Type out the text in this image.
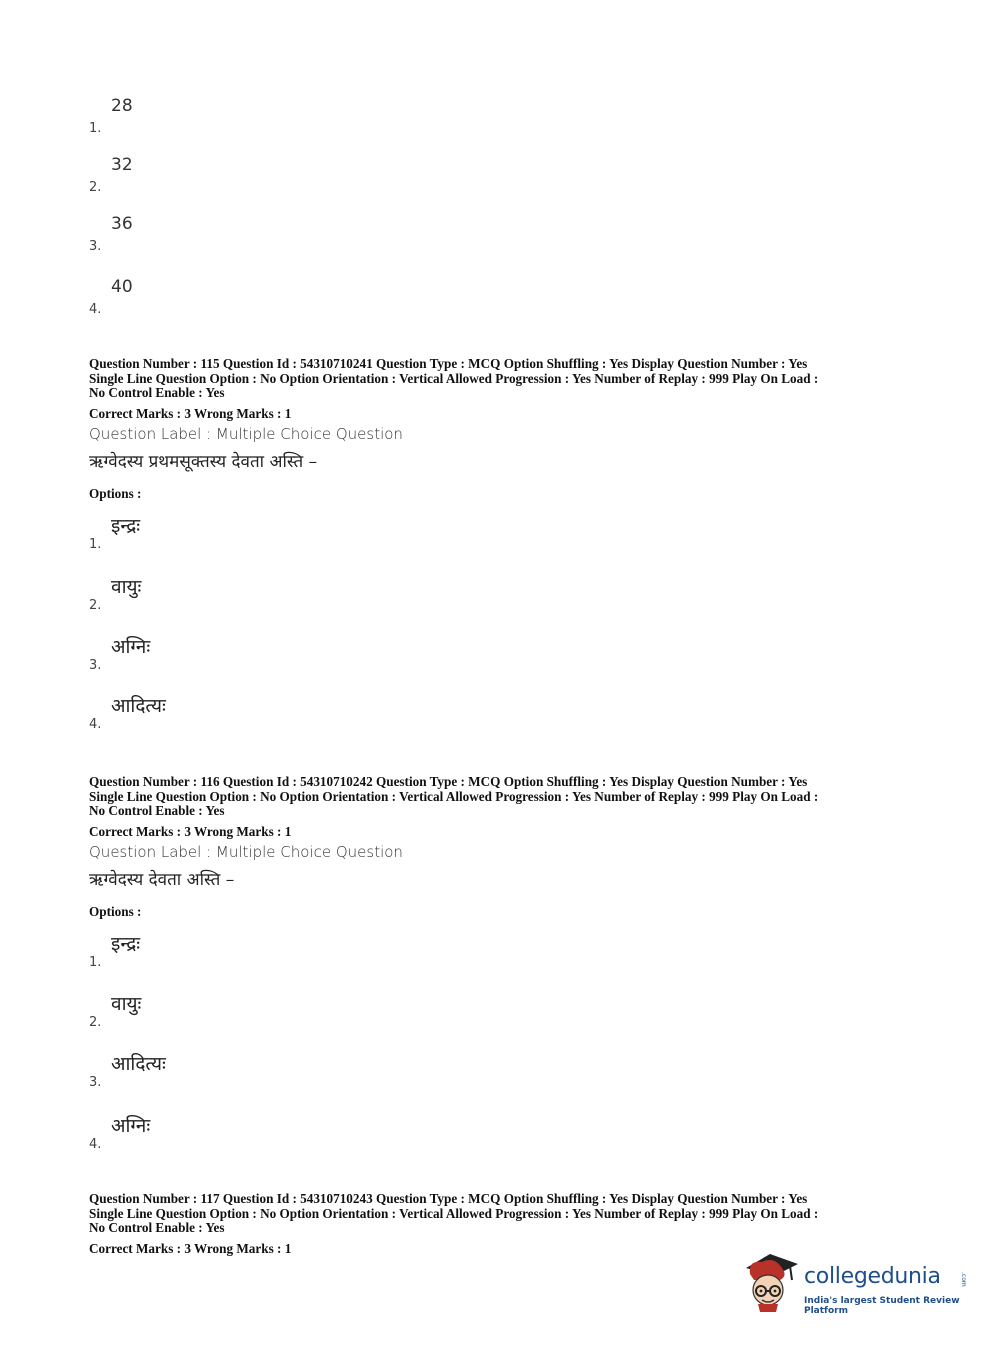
1.
28
2.
32
3.
36
4.
40
Question Number : 115 Question Id : 54310710241 Question Type : MCQ Option Shuffling : Yes Display Question Number : Yes
Single Line Question Option : No Option Orientation : Vertical Allowed Progression : Yes Number of Replay : 999 Play On Load :
No Control Enable : Yes
Correct Marks : 3 Wrong Marks : 1
Question Label : Multiple Choice Question
ऋग्वेदस्य प्रथमसूक्तस्य देवता अस्ति –
Options :
1.
इन्द्रः
2.
वायुः
3.
अग्निः
4.
आदित्यः
Question Number : 116 Question Id : 54310710242 Question Type : MCQ Option Shuffling : Yes Display Question Number : Yes
Single Line Question Option : No Option Orientation : Vertical Allowed Progression : Yes Number of Replay : 999 Play On Load :
No Control Enable : Yes
Correct Marks : 3 Wrong Marks : 1
Question Label : Multiple Choice Question
ऋग्वेदस्य देवता अस्ति –
Options :
1.
इन्द्रः
2.
वायुः
3.
आदित्यः
4.
अग्निः
Question Number : 117 Question Id : 54310710243 Question Type : MCQ Option Shuffling : Yes Display Question Number : Yes
Single Line Question Option : No Option Orientation : Vertical Allowed Progression : Yes Number of Replay : 999 Play On Load :
No Control Enable : Yes
Correct Marks : 3 Wrong Marks : 1
collegedunia	.com
India's largest Student Review Platform
